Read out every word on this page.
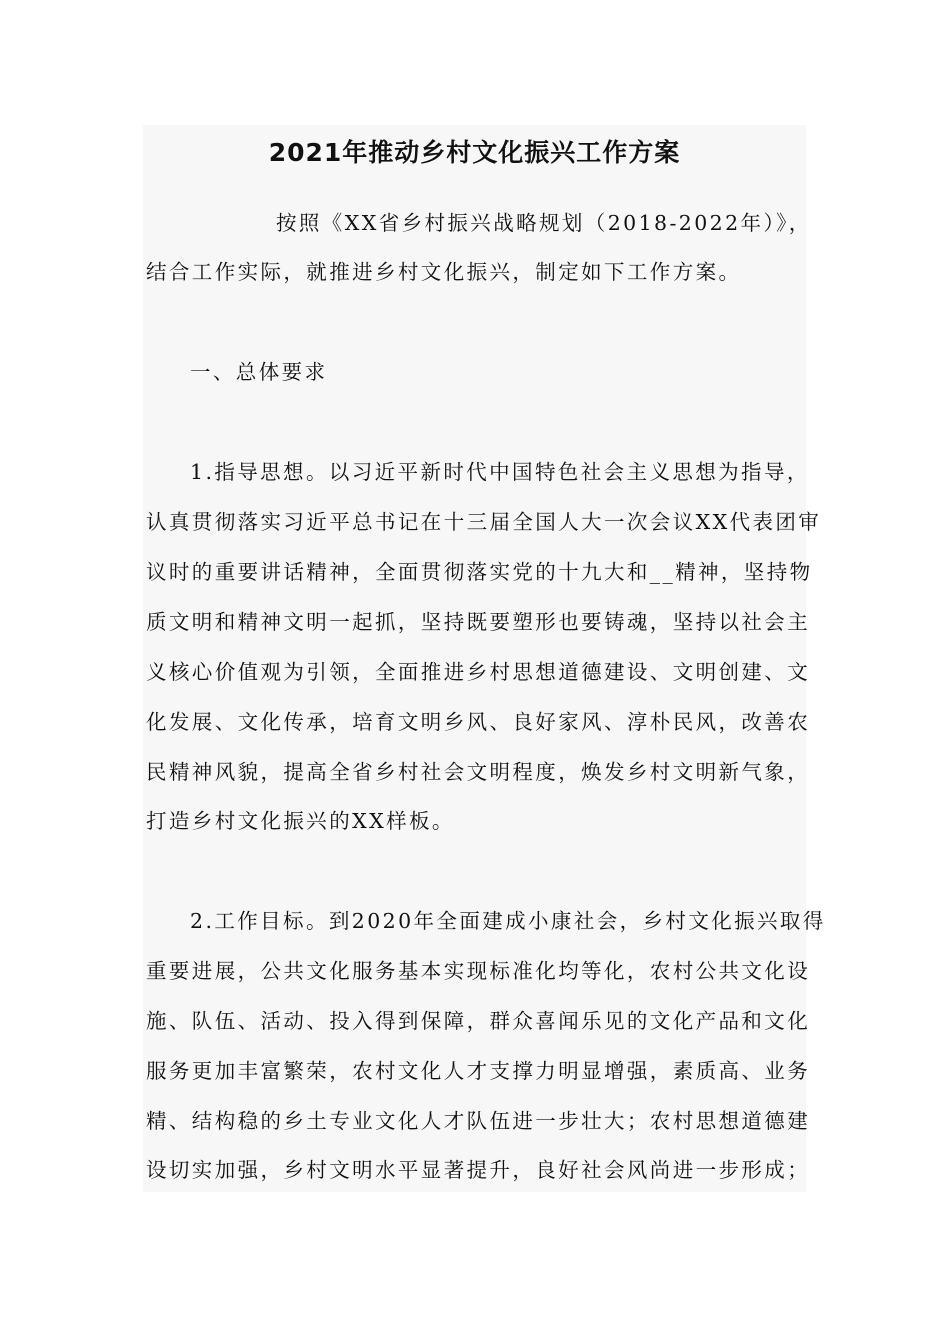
2021年推动乡村文化振兴工作方案

按照《XX省乡村振兴战略规划（2018-2022年）》，

结合工作实际，就推进乡村文化振兴，制定如下工作方案。

一、总体要求

1.指导思想。以习近平新时代中国特色社会主义思想为指导，

认真贯彻落实习近平总书记在十三届全国人大一次会议XX代表团审

议时的重要讲话精神，全面贯彻落实党的十九大和__精神，坚持物

质文明和精神文明一起抓，坚持既要塑形也要铸魂，坚持以社会主

义核心价值观为引领，全面推进乡村思想道德建设、文明创建、文

化发展、文化传承，培育文明乡风、良好家风、淳朴民风，改善农

民精神风貌，提高全省乡村社会文明程度，焕发乡村文明新气象，

打造乡村文化振兴的XX样板。

2.工作目标。到2020年全面建成小康社会，乡村文化振兴取得

重要进展，公共文化服务基本实现标准化均等化，农村公共文化设

施、队伍、活动、投入得到保障，群众喜闻乐见的文化产品和文化

服务更加丰富繁荣，农村文化人才支撑力明显增强，素质高、业务

精、结构稳的乡土专业文化人才队伍进一步壮大；农村思想道德建

设切实加强，乡村文明水平显著提升，良好社会风尚进一步形成；
